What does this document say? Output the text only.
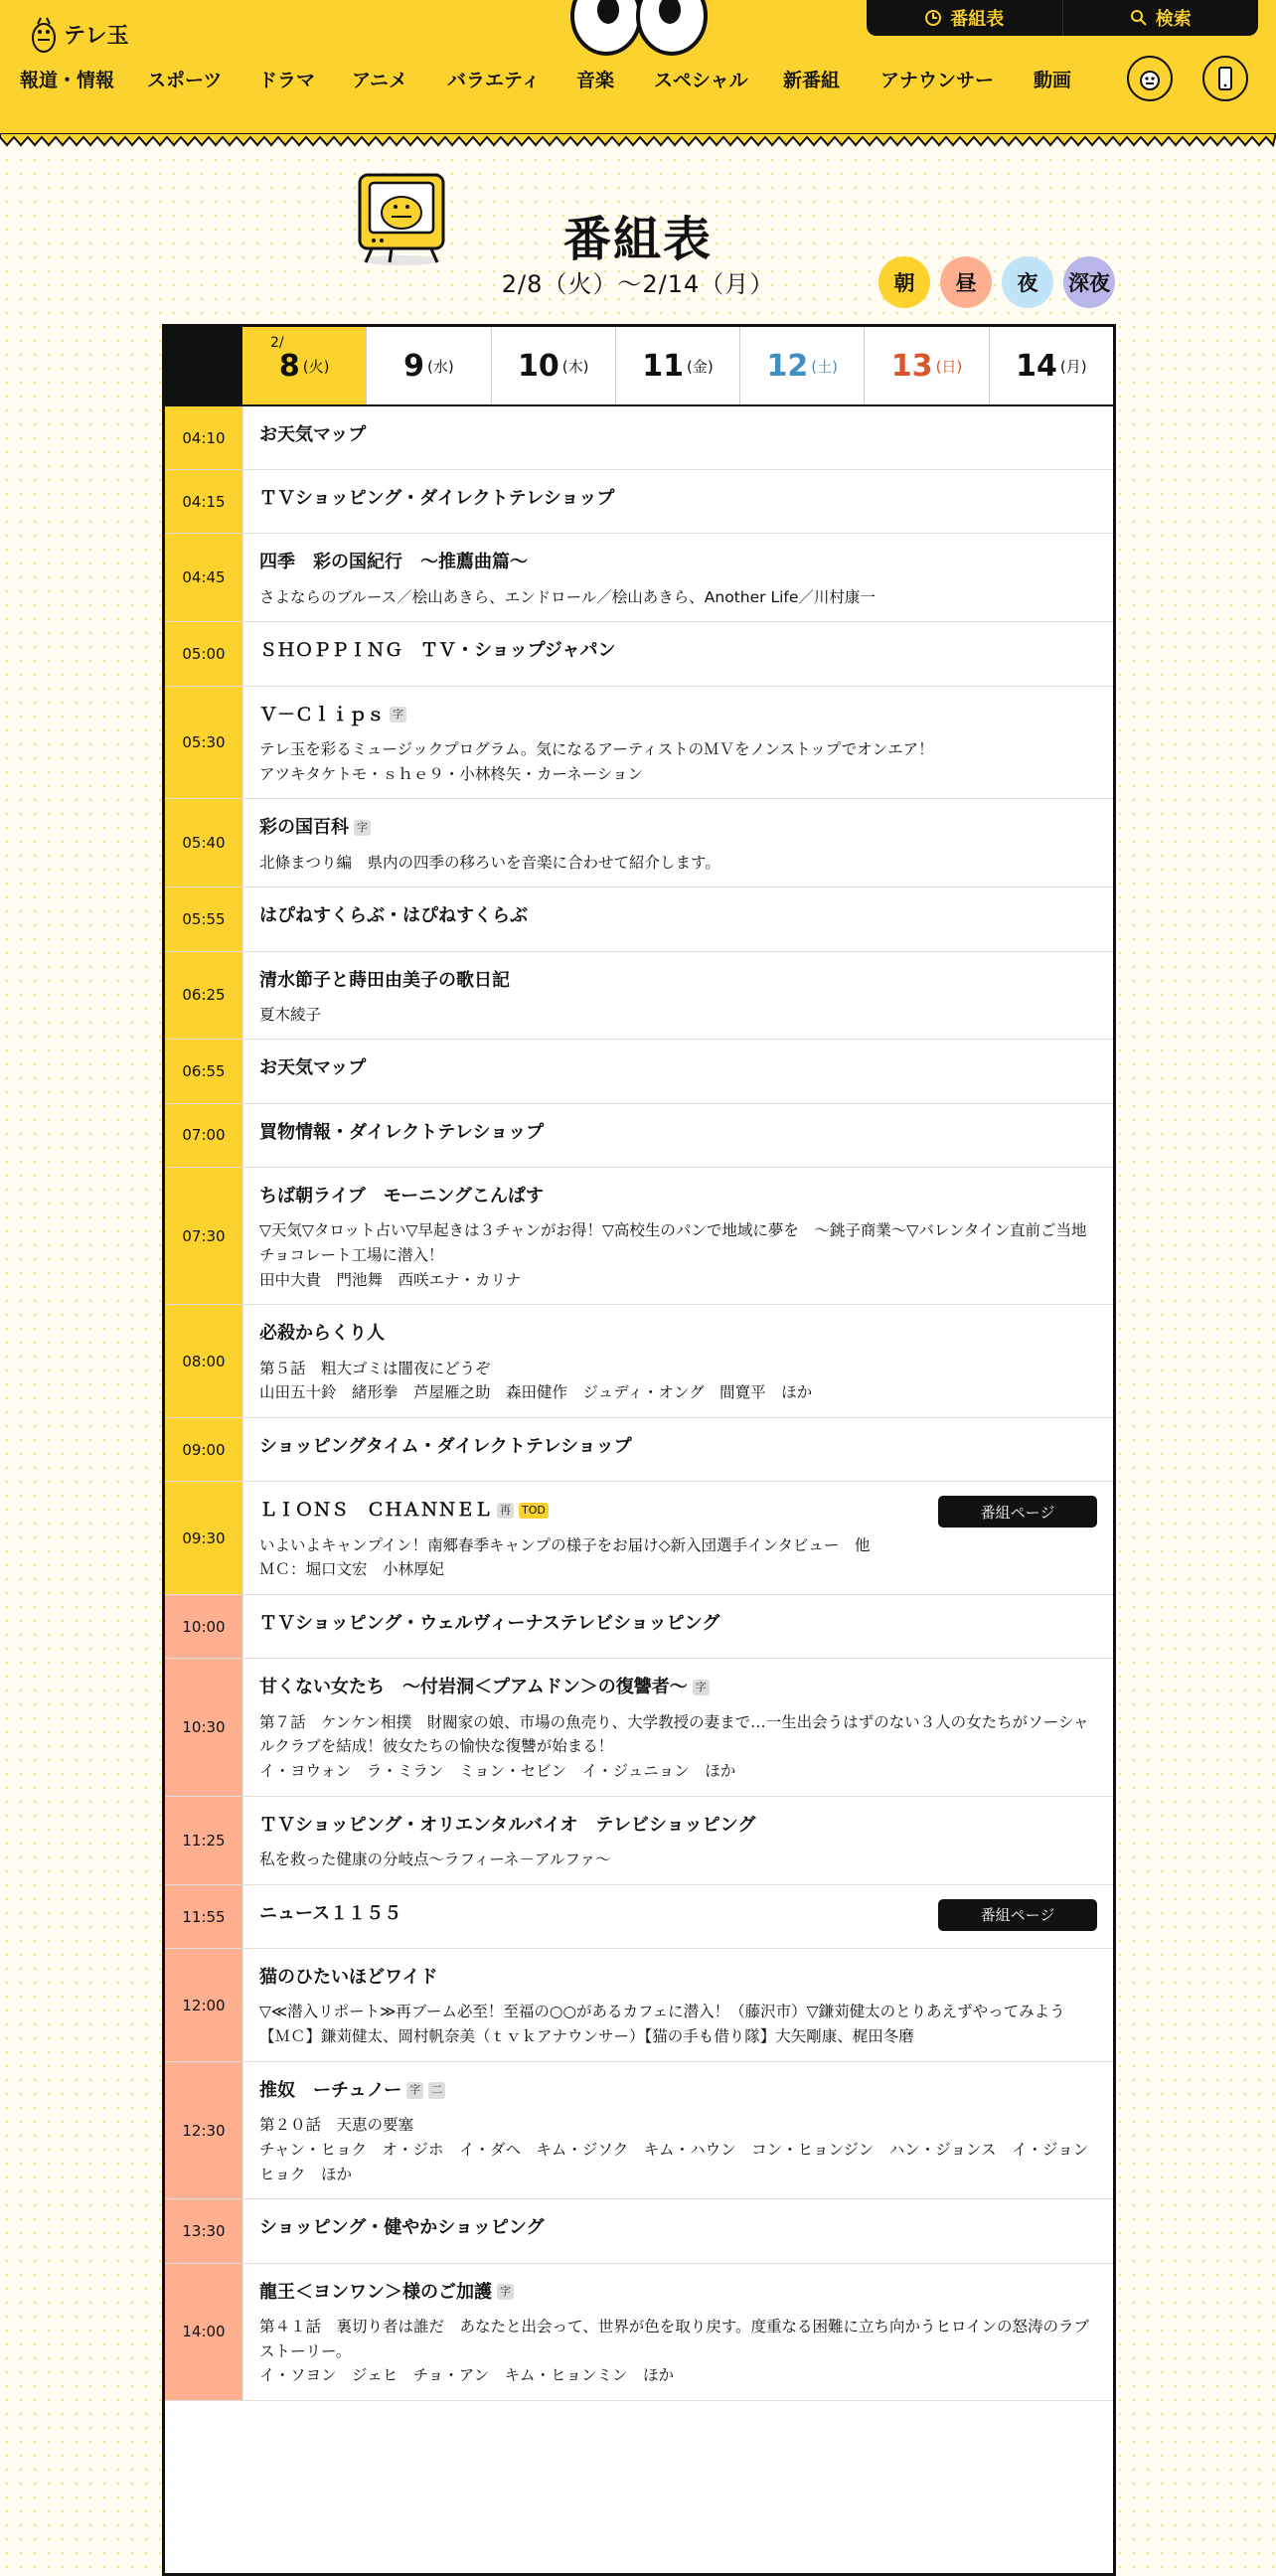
テレ玉
番組表	検索
報道・情報	スポーツ	ドラマ	アニメ	バラエティ	音楽	スペシャル	新番組	アナウンサー	動画
番組表
2/8（火）〜2/14（月）	朝 昼 夜 深夜
2/
8 (火) 9 (水) 10 (木) 11 (金) 12 (土) 13 (日) 14 (月)
04:10	お天気マップ
04:15	ＴＶショッピング・ダイレクトテレショップ
04:45
四季　彩の国紀行　～推薦曲篇～
さよならのブルース／桧山あきら、エンドロール／桧山あきら、Another Life／川村康一
05:00	ＳＨＯＰＰＩＮＧ　ＴＶ・ショップジャパン
05:30
Ｖ－Ｃｌｉｐｓ 字
テレ玉を彩るミュージックプログラム。気になるアーティストのＭＶをノンストップでオンエア！
アツキタケトモ・ｓｈｅ９・小林柊矢・カーネーション
05:40
彩の国百科 字
北條まつり編　県内の四季の移ろいを音楽に合わせて紹介します。
05:55	はぴねすくらぶ・はぴねすくらぶ
06:25
清水節子と蒔田由美子の歌日記
夏木綾子
06:55	お天気マップ
07:00	買物情報・ダイレクトテレショップ
07:30
ちば朝ライブ　モーニングこんぱす
▽天気▽タロット占い▽早起きは３チャンがお得！▽高校生のパンで地域に夢を　～銚子商業～▽バレンタイン直前ご当地チョコレート工場に潜入！
田中大貴　門池舞　西咲エナ・カリナ
08:00
必殺からくり人
第５話　粗大ゴミは闇夜にどうぞ
山田五十鈴　緒形拳　芦屋雁之助　森田健作　ジュディ・オング　間寛平　ほか
09:00	ショッピングタイム・ダイレクトテレショップ
09:30
ＬＩＯＮＳ　ＣＨＡＮＮＥＬ 再 TOD
いよいよキャンプイン！南郷春季キャンプの様子をお届け◇新入団選手インタビュー　他
ＭＣ：堀口文宏　小林厚妃
番組ページ
10:00	ＴＶショッピング・ウェルヴィーナステレビショッピング
10:30
甘くない女たち　～付岩洞＜プアムドン＞の復讐者～ 字
第７話　ケンケン相撲　財閥家の娘、市場の魚売り、大学教授の妻まで…一生出会うはずのない３人の女たちがソーシャルクラブを結成！彼女たちの愉快な復讐が始まる！
イ・ヨウォン　ラ・ミラン　ミョン・セビン　イ・ジュニョン　ほか
11:25
ＴＶショッピング・オリエンタルバイオ　テレビショッピング
私を救った健康の分岐点～ラフィーネ－アルファ～
11:55	ニュース１１５５	番組ページ
12:00
猫のひたいほどワイド
▽≪潜入リポート≫再ブーム必至！至福の○○があるカフェに潜入！（藤沢市）▽鎌苅健太のとりあえずやってみよう【ＭＣ】鎌苅健太、岡村帆奈美（ｔｖｋアナウンサー）【猫の手も借り隊】大矢剛康、梶田冬磨
12:30
推奴　ーチュノー 字 二
第２０話　天恵の要塞
チャン・ヒョク　オ・ジホ　イ・ダヘ　キム・ジソク　キム・ハウン　コン・ヒョンジン　ハン・ジョンス　イ・ジョンヒョク　ほか
13:30	ショッピング・健やかショッピング
14:00
龍王＜ヨンワン＞様のご加護 字
第４１話　裏切り者は誰だ　あなたと出会って、世界が色を取り戻す。度重なる困難に立ち向かうヒロインの怒涛のラブストーリー。
イ・ソヨン　ジェヒ　チョ・アン　キム・ヒョンミン　ほか
